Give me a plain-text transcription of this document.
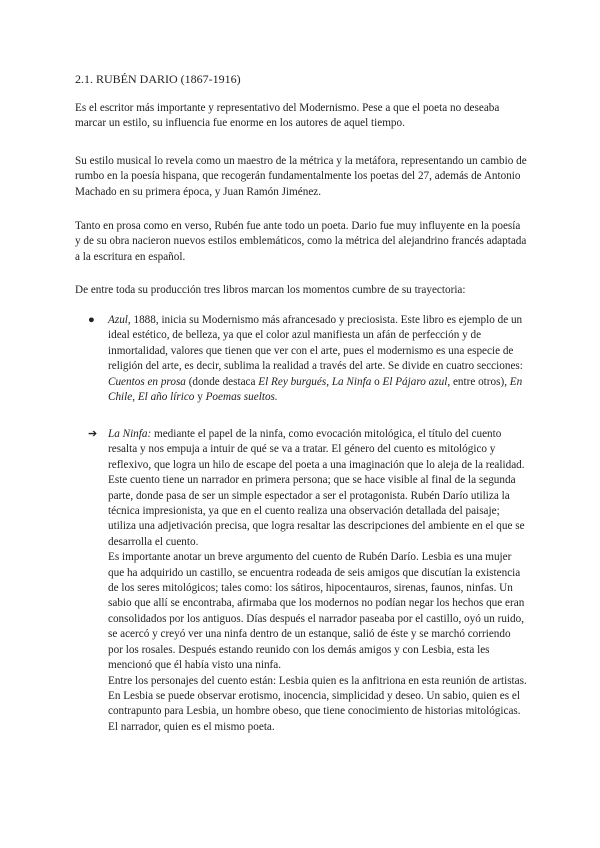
2.1. RUBÉN DARIO (1867-1916)

Es el escritor más importante y representativo del Modernismo. Pese a que el poeta no deseaba marcar un estilo, su influencia fue enorme en los autores de aquel tiempo.

Su estilo musical lo revela como un maestro de la métrica y la metáfora, representando un cambio de rumbo en la poesía hispana, que recogerán fundamentalmente los poetas del 27, además de Antonio Machado en su primera época, y Juan Ramón Jiménez.

Tanto en prosa como en verso, Rubén fue ante todo un poeta. Dario fue muy influyente en la poesía y de su obra nacieron nuevos estilos emblemáticos, como la métrica del alejandrino francés adaptada a la escritura en español.

De entre toda su producción tres libros marcan los momentos cumbre de su trayectoria:

●	Azul, 1888, inicia su Modernismo más afrancesado y preciosista. Este libro es ejemplo de un ideal estético, de belleza, ya que el color azul manifiesta un afán de perfección y de inmortalidad, valores que tienen que ver con el arte, pues el modernismo es una especie de religión del arte, es decir, sublima la realidad a través del arte. Se divide en cuatro secciones: Cuentos en prosa (donde destaca El Rey burgués, La Ninfa o El Pájaro azul, entre otros), En Chile, El año lírico y Poemas sueltos.
➔ La Ninfa: mediante el papel de la ninfa, como evocación mitológica, el título del cuento resalta y nos empuja a intuir de qué se va a tratar. El género del cuento es mitológico y reflexivo, que logra un hilo de escape del poeta a una imaginación que lo aleja de la realidad. Este cuento tiene un narrador en primera persona; que se hace visible al final de la segunda parte, donde pasa de ser un simple espectador a ser el protagonista. Rubén Darío utiliza la técnica impresionista, ya que en el cuento realiza una observación detallada del paisaje; utiliza una adjetivación precisa, que logra resaltar las descripciones del ambiente en el que se desarrolla el cuento.
Es importante anotar un breve argumento del cuento de Rubén Darío. Lesbia es una mujer que ha adquirido un castillo, se encuentra rodeada de seis amigos que discutían la existencia de los seres mitológicos; tales como: los sátiros, hipocentauros, sirenas, faunos, ninfas. Un sabio que allí se encontraba, afirmaba que los modernos no podían negar los hechos que eran consolidados por los antiguos. Días después el narrador paseaba por el castillo, oyó un ruido, se acercó y creyó ver una ninfa dentro de un estanque, salió de éste y se marchó corriendo por los rosales. Después estando reunido con los demás amigos y con Lesbia, esta les mencionó que él había visto una ninfa.
Entre los personajes del cuento están: Lesbia quien es la anfitriona en esta reunión de artistas. En Lesbia se puede observar erotismo, inocencia, simplicidad y deseo. Un sabio, quien es el contrapunto para Lesbia, un hombre obeso, que tiene conocimiento de historias mitológicas. El narrador, quien es el mismo poeta.
